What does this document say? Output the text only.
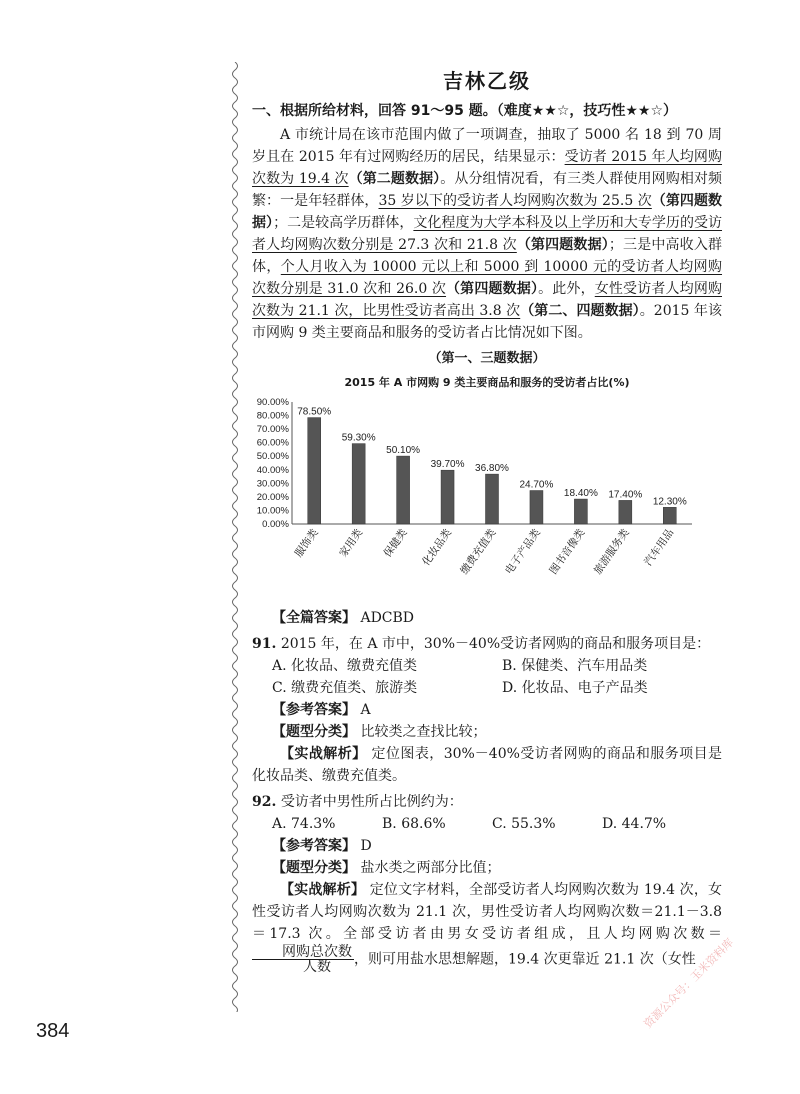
吉林乙级
一、根据所给材料，回答 91～95 题。（难度★★☆，技巧性★★☆）

A 市统计局在该市范围内做了一项调查，抽取了 5000 名 18 到 70 周岁且在 2015 年有过网购经历的居民，结果显示：受访者 2015 年人均网购次数为 19.4 次（第二题数据）。从分组情况看，有三类人群使用网购相对频繁：一是年轻群体，35 岁以下的受访者人均网购次数为 25.5 次（第四题数据）；二是较高学历群体，文化程度为大学本科及以上学历和大专学历的受访者人均网购次数分别是 27.3 次和 21.8 次（第四题数据）；三是中高收入群体，个人月收入为 10000 元以上和 5000 到 10000 元的受访者人均网购次数分别是 31.0 次和 26.0 次（第四题数据）。此外，女性受访者人均网购次数为 21.1 次，比男性受访者高出 3.8 次（第二、四题数据）。2015 年该市网购 9 类主要商品和服务的受访者占比情况如下图。

（第一、三题数据）
2015 年 A 市网购 9 类主要商品和服务的受访者占比(%)
0.00%
10.00%
20.00%
30.00%
40.00%
50.00%
60.00%
70.00%
80.00%
90.00%
78.50%
服饰类
59.30%
家用类
50.10%
保健类
39.70%
化妆品类
36.80%
缴费充值类
24.70%
电子产品类
18.40%
图书音像类
17.40%
旅游服务类
12.30%
汽车用品
【全篇答案】 ADCBD
91. 2015 年，在 A 市中，30%－40%受访者网购的商品和服务项目是：
A. 化妆品、缴费充值类	B. 保健类、汽车用品类
C. 缴费充值类、旅游类	D. 化妆品、电子产品类
【参考答案】 A
【题型分类】 比较类之查找比较；

【实战解析】 定位图表，30%－40%受访者网购的商品和服务项目是化妆品类、缴费充值类。

92. 受访者中男性所占比例约为：
A. 74.3%	B. 68.6%	C. 55.3%	D. 44.7%
【参考答案】 D
【题型分类】 盐水类之两部分比值；

【实战解析】 定位文字材料，全部受访者人均网购次数为 19.4 次，女性受访者人均网购次数为 21.1 次，男性受访者人均网购次数＝21.1－3.8＝17.3 次。全部受访者由男女受访者组成，且人均网购次数＝
$\frac{\text{网购总次数}}{\text{人数}}$ ，则可用盐水思想解题，19.4 次更靠近 21.1 次（女性

384
资源公众号：玉米资料库
